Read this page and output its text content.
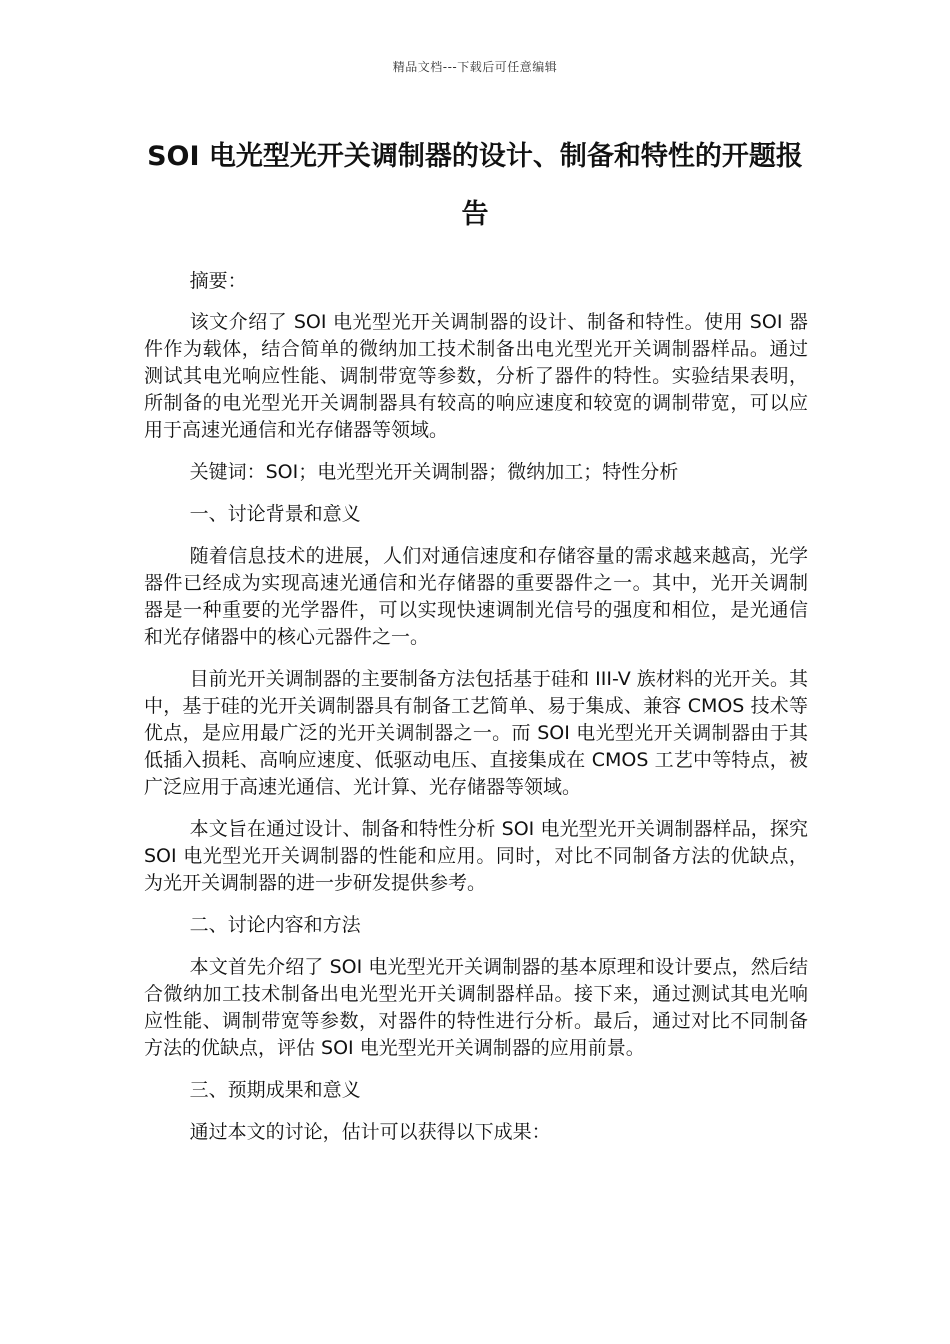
精品文档---下载后可任意编辑
SOI 电光型光开关调制器的设计、制备和特性的开题报告

摘要：

该文介绍了 SOI 电光型光开关调制器的设计、制备和特性。使用 SOI 器件作为载体，结合简单的微纳加工技术制备出电光型光开关调制器样品。通过测试其电光响应性能、调制带宽等参数，分析了器件的特性。实验结果表明，所制备的电光型光开关调制器具有较高的响应速度和较宽的调制带宽，可以应用于高速光通信和光存储器等领域。

关键词：SOI；电光型光开关调制器；微纳加工；特性分析

一、讨论背景和意义

随着信息技术的进展，人们对通信速度和存储容量的需求越来越高，光学器件已经成为实现高速光通信和光存储器的重要器件之一。其中，光开关调制器是一种重要的光学器件，可以实现快速调制光信号的强度和相位，是光通信和光存储器中的核心元器件之一。

目前光开关调制器的主要制备方法包括基于硅和 III-V 族材料的光开关。其中，基于硅的光开关调制器具有制备工艺简单、易于集成、兼容 CMOS 技术等优点，是应用最广泛的光开关调制器之一。而 SOI 电光型光开关调制器由于其低插入损耗、高响应速度、低驱动电压、直接集成在 CMOS 工艺中等特点，被广泛应用于高速光通信、光计算、光存储器等领域。

本文旨在通过设计、制备和特性分析 SOI 电光型光开关调制器样品，探究 SOI 电光型光开关调制器的性能和应用。同时，对比不同制备方法的优缺点，为光开关调制器的进一步研发提供参考。

二、讨论内容和方法

本文首先介绍了 SOI 电光型光开关调制器的基本原理和设计要点，然后结合微纳加工技术制备出电光型光开关调制器样品。接下来，通过测试其电光响应性能、调制带宽等参数，对器件的特性进行分析。最后，通过对比不同制备方法的优缺点，评估 SOI 电光型光开关调制器的应用前景。

三、预期成果和意义

通过本文的讨论，估计可以获得以下成果：
